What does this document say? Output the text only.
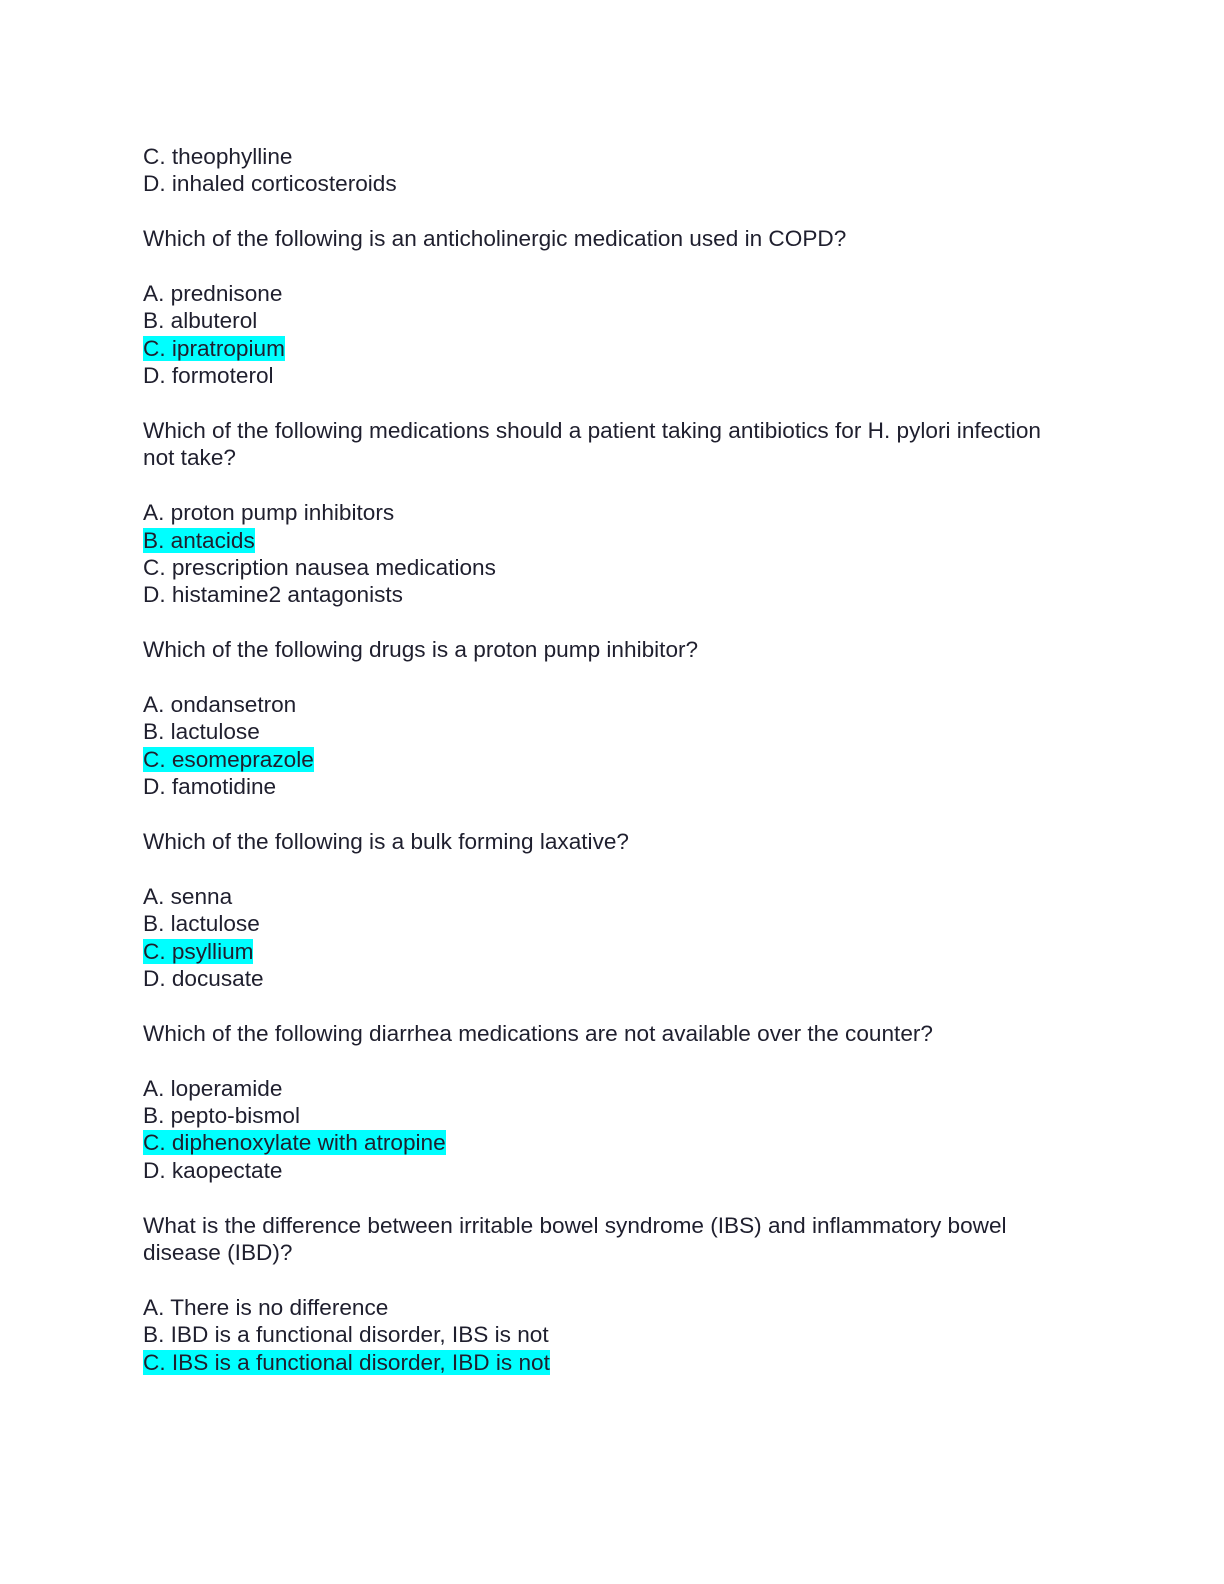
C. theophylline
D. inhaled corticosteroids
Which of the following is an anticholinergic medication used in COPD?
A. prednisone
B. albuterol
C. ipratropium
D. formoterol
Which of the following medications should a patient taking antibiotics for H. pylori infection not take?
A. proton pump inhibitors
B. antacids
C. prescription nausea medications
D. histamine2 antagonists
Which of the following drugs is a proton pump inhibitor?
A. ondansetron
B. lactulose
C. esomeprazole
D. famotidine
Which of the following is a bulk forming laxative?
A. senna
B. lactulose
C. psyllium
D. docusate
Which of the following diarrhea medications are not available over the counter?
A. loperamide
B. pepto-bismol
C. diphenoxylate with atropine
D. kaopectate
What is the difference between irritable bowel syndrome (IBS) and inflammatory bowel disease (IBD)?
A. There is no difference
B. IBD is a functional disorder, IBS is not
C. IBS is a functional disorder, IBD is not
